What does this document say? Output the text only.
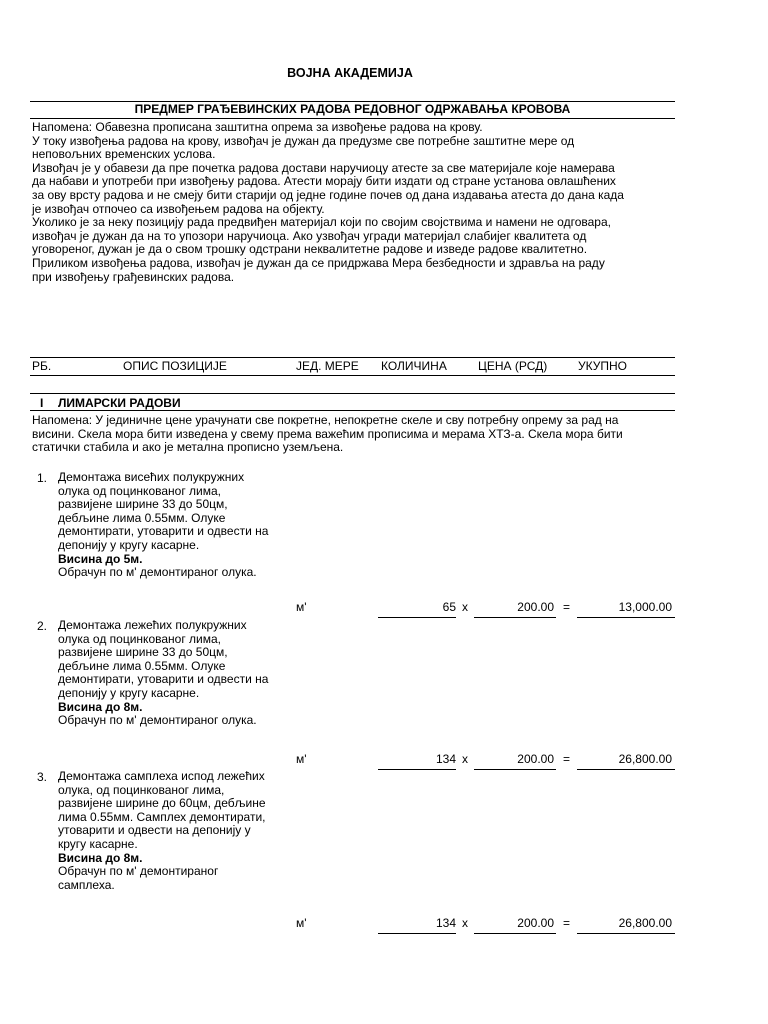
ВОЈНА АКАДЕМИЈА
ПРЕДМЕР ГРАЂЕВИНСКИХ РАДОВА РЕДОВНОГ ОДРЖАВАЊА КРОВОВА

Напомена: Обавезна прописана заштитна опрема за извођење радова на крову.

У току извођења радова на крову, извођач је дужан да предузме све потребне заштитне мере од

неповољних временских услова.

Извођач је у обавези да пре почетка радова достави наручиоцу атесте за све материјале које намерава

да набави и употреби при извођењу радова. Атести морају бити издати од стране установа овлашћених

за ову врсту радова и не смеју бити старији од једне године почев од дана издавања атеста до дана када

је извођач отпочео са извођењем радова на објекту.

Уколико је за неку позицију рада предвиђен материјал који по својим својствима и намени не одговара,

извођач је дужан да на то упозори наручиоца. Ако узвођач угради материјал слабијег квалитета од

уговореног, дужан је да о свом трошку одстрани неквалитетне радове и изведе радове квалитетно.

Приликом извођења радова, извођач је дужан да се придржава Мера безбедности и здравља на раду

при извођењу грађевинских радова.

РБ.	ОПИС ПОЗИЦИЈЕ	ЈЕД. МЕРЕ КОЛИЧИНА	ЦЕНА (РСД)	УКУПНО
I ЛИМАРСКИ РАДОВИ
Напомена: У јединичне цене урачунати све покретне, непокретне скеле и сву потребну опрему за рад на
висини. Скела мора бити изведена у свему према важећим прописима и мерама ХТЗ-а. Скела мора бити
статички стабила и ако је метална прописно уземљена.
1. Демонтажа висећих полукружних

олука од поцинкованог лима,

развијене ширине 33 до 50цм,

дебљине лима 0.55мм. Олуке

демонтирати, утоварити и одвести на

депонију у кругу касарне.

Висина до 5м.

Обрачун по м' демонтираног олука.

м'	65 x	200.00 =	13,000.00
2. Демонтажа лежећих полукружних

олука од поцинкованог лима,

развијене ширине 33 до 50цм,

дебљине лима 0.55мм. Олуке

демонтирати, утоварити и одвести на

депонију у кругу касарне.

Висина до 8м.

Обрачун по м' демонтираног олука.

м'	134 x	200.00 =	26,800.00
3. Демонтажа самплеха испод лежећих

олука, од поцинкованог лима,

развијене ширине до 60цм, дебљине

лима 0.55мм. Самплех демонтирати,

утоварити и одвести на депонију у

кругу касарне.

Висина до 8м.

Обрачун по м' демонтираног

самплеха.

м'	134 x	200.00 =	26,800.00
